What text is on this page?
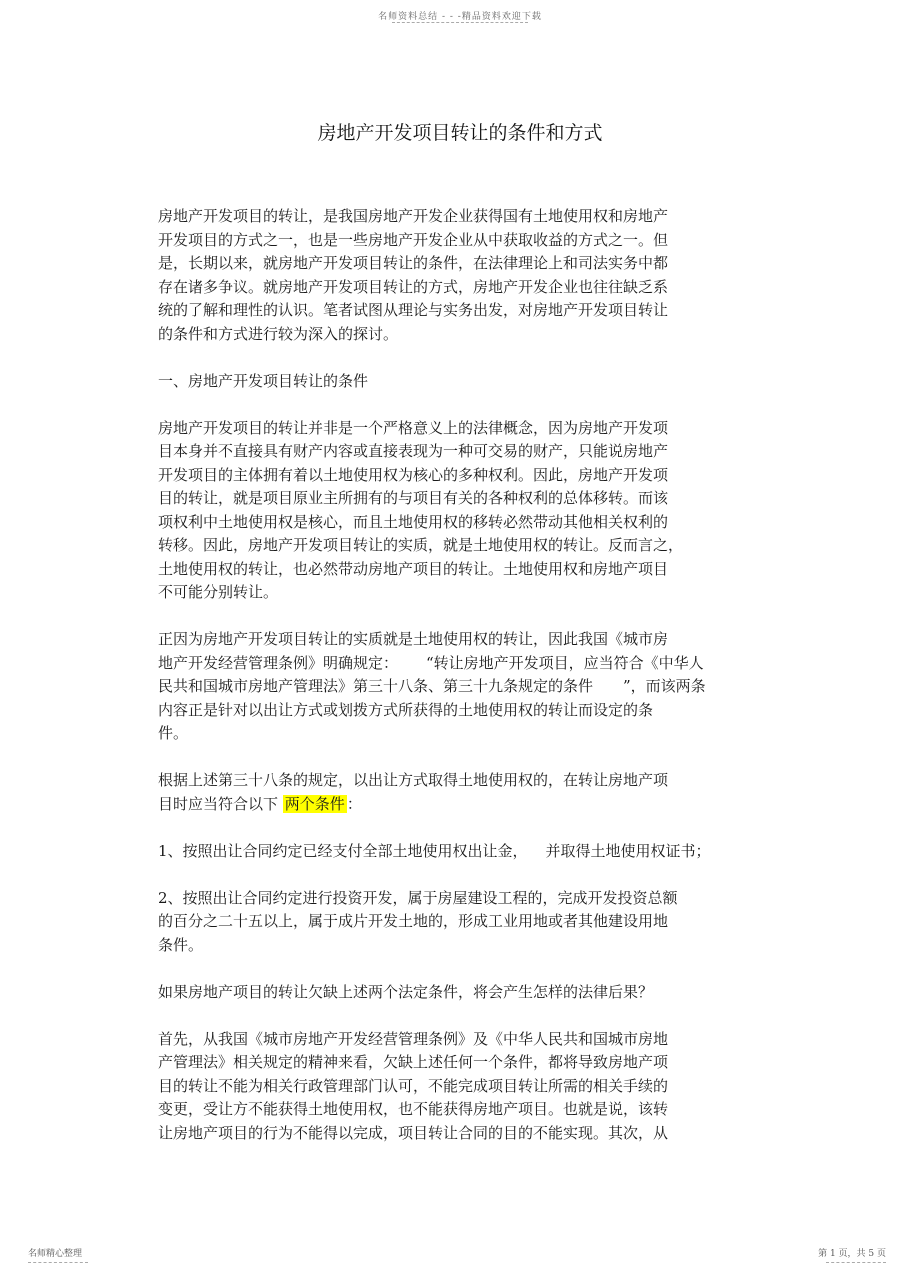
名师资料总结 - - -精品资料欢迎下载
房地产开发项目转让的条件和方式

房地产开发项目的转让，是我国房地产开发企业获得国有土地使用权和房地产
开发项目的方式之一，也是一些房地产开发企业从中获取收益的方式之一。但
是，长期以来，就房地产开发项目转让的条件，在法律理论上和司法实务中都
存在诸多争议。就房地产开发项目转让的方式，房地产开发企业也往往缺乏系
统的了解和理性的认识。笔者试图从理论与实务出发，对房地产开发项目转让
的条件和方式进行较为深入的探讨。

一、房地产开发项目转让的条件

房地产开发项目的转让并非是一个严格意义上的法律概念，因为房地产开发项
目本身并不直接具有财产内容或直接表现为一种可交易的财产，只能说房地产
开发项目的主体拥有着以土地使用权为核心的多种权利。因此，房地产开发项
目的转让，就是项目原业主所拥有的与项目有关的各种权利的总体移转。而该
项权利中土地使用权是核心，而且土地使用权的移转必然带动其他相关权利的
转移。因此，房地产开发项目转让的实质，就是土地使用权的转让。反而言之，
土地使用权的转让，也必然带动房地产项目的转让。土地使用权和房地产项目
不可能分别转让。

正因为房地产开发项目转让的实质就是土地使用权的转让，因此我国《城市房
地产开发经营管理条例》明确规定： “转让房地产开发项目，应当符合《中华人
民共和国城市房地产管理法》第三十八条、第三十九条规定的条件 ”，而该两条
内容正是针对以出让方式或划拨方式所获得的土地使用权的转让而设定的条
件。

根据上述第三十八条的规定，以出让方式取得土地使用权的，在转让房地产项
目时应当符合以下 两个条件 ：

1、按照出让合同约定已经支付全部土地使用权出让金， 并取得土地使用权证书；

2、按照出让合同约定进行投资开发，属于房屋建设工程的，完成开发投资总额
的百分之二十五以上，属于成片开发土地的，形成工业用地或者其他建设用地
条件。

如果房地产项目的转让欠缺上述两个法定条件，将会产生怎样的法律后果？

首先，从我国《城市房地产开发经营管理条例》及《中华人民共和国城市房地
产管理法》相关规定的精神来看，欠缺上述任何一个条件，都将导致房地产项
目的转让不能为相关行政管理部门认可，不能完成项目转让所需的相关手续的
变更，受让方不能获得土地使用权，也不能获得房地产项目。也就是说，该转
让房地产项目的行为不能得以完成，项目转让合同的目的不能实现。其次，从

名师精心整理	第 1 页，共 5 页
